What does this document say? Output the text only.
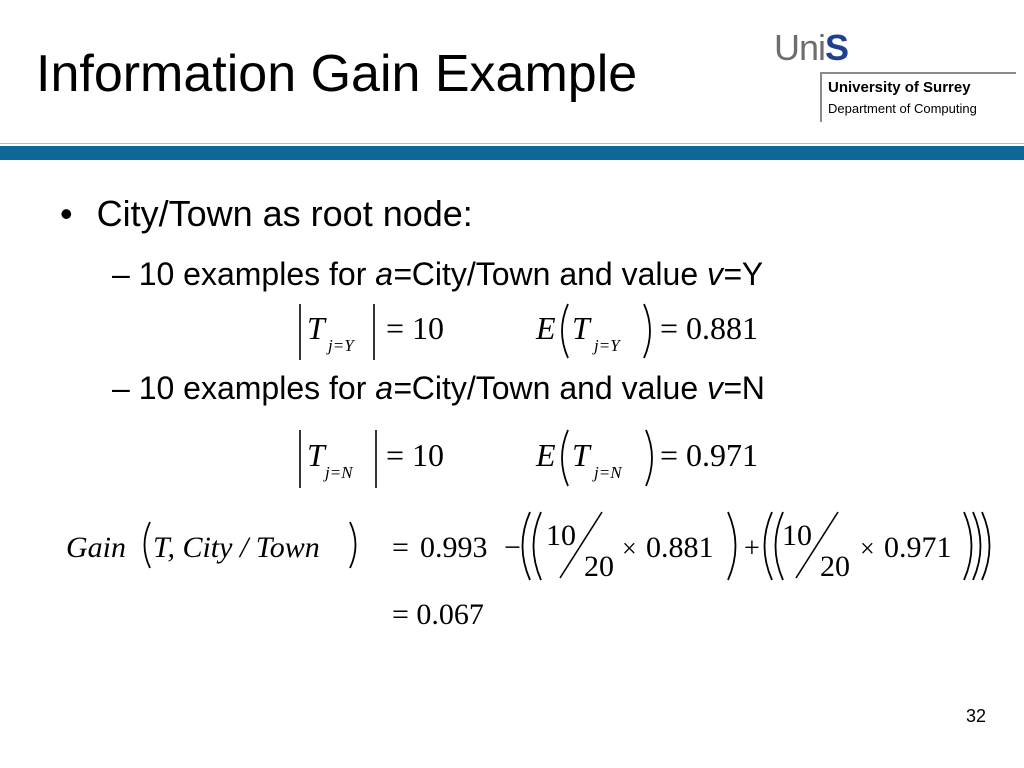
Information Gain Example	UniS
University of Surrey
Department of Computing
• City/Town as root node:
– 10 examples for a=City/Town and value v=Y
– 10 examples for a=City/Town and value v=N
T j=Y = 10	E T j=Y = 0.881
T j=N = 10	E T j=N = 0.971
Gain T, City / Town = 0.993 − 10
20
× 0.881 + 10
20
× 0.971
= 0.067
32
